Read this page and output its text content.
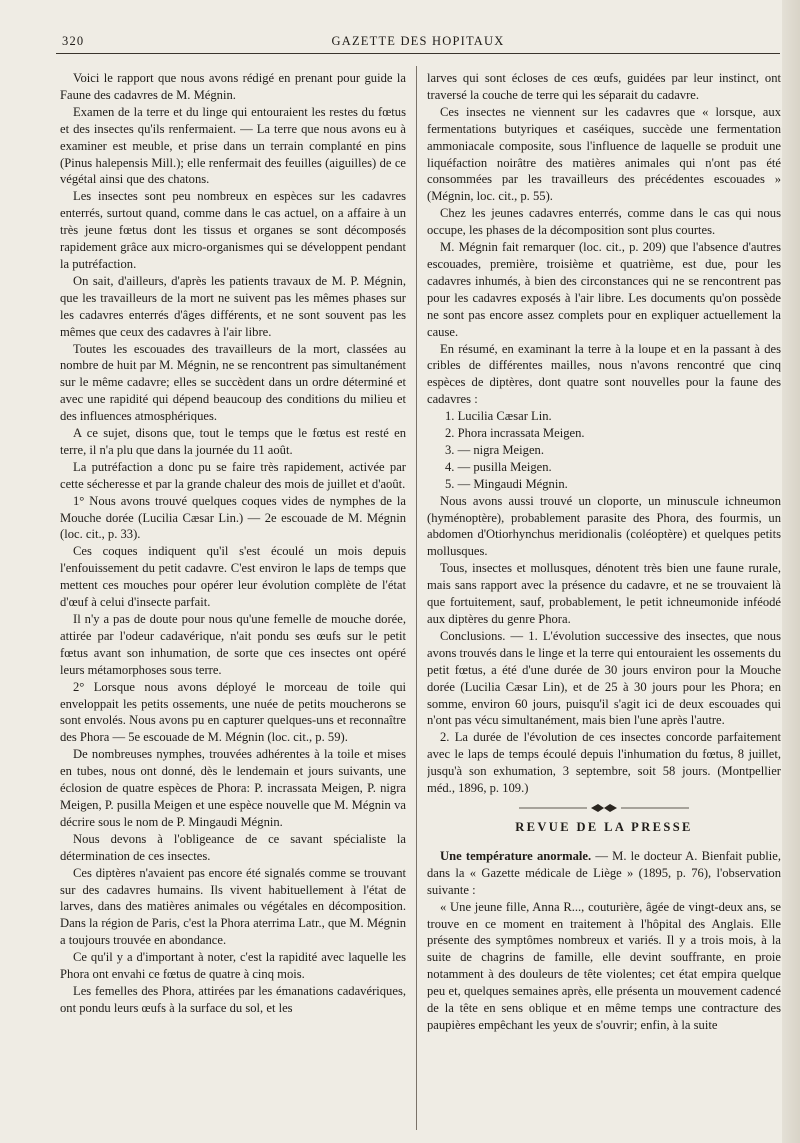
320	GAZETTE DES HOPITAUX

Voici le rapport que nous avons rédigé en prenant pour guide la Faune des cadavres de M. Mégnin.

Examen de la terre et du linge qui entouraient les restes du fœtus et des insectes qu'ils renfermaient. — La terre que nous avons eu à examiner est meuble, et prise dans un terrain complanté en pins (Pinus halepensis Mill.); elle renfermait des feuilles (aiguilles) de ce végétal ainsi que des chatons.

Les insectes sont peu nombreux en espèces sur les cadavres enterrés, surtout quand, comme dans le cas actuel, on a affaire à un très jeune fœtus dont les tissus et organes se sont décomposés rapidement grâce aux micro-organismes qui se développent pendant la putréfaction.

On sait, d'ailleurs, d'après les patients travaux de M. P. Mégnin, que les travailleurs de la mort ne suivent pas les mêmes phases sur les cadavres enterrés d'âges différents, et ne sont souvent pas les mêmes que ceux des cadavres à l'air libre.

Toutes les escouades des travailleurs de la mort, classées au nombre de huit par M. Mégnin, ne se rencontrent pas simultanément sur le même cadavre; elles se succèdent dans un ordre déterminé et avec une rapidité qui dépend beaucoup des conditions du milieu et des influences atmosphériques.

A ce sujet, disons que, tout le temps que le fœtus est resté en terre, il n'a plu que dans la journée du 11 août.

La putréfaction a donc pu se faire très rapidement, activée par cette sécheresse et par la grande chaleur des mois de juillet et d'août.

1° Nous avons trouvé quelques coques vides de nymphes de la Mouche dorée (Lucilia Cæsar Lin.) — 2e escouade de M. Mégnin (loc. cit., p. 33).

Ces coques indiquent qu'il s'est écoulé un mois depuis l'enfouissement du petit cadavre. C'est environ le laps de temps que mettent ces mouches pour opérer leur évolution complète de l'état d'œuf à celui d'insecte parfait.

Il n'y a pas de doute pour nous qu'une femelle de mouche dorée, attirée par l'odeur cadavérique, n'ait pondu ses œufs sur le petit fœtus avant son inhumation, de sorte que ces insectes ont opéré leurs métamorphoses sous terre.

2° Lorsque nous avons déployé le morceau de toile qui enveloppait les petits ossements, une nuée de petits moucherons se sont envolés. Nous avons pu en capturer quelques-uns et reconnaître des Phora — 5e escouade de M. Mégnin (loc. cit., p. 59).

De nombreuses nymphes, trouvées adhérentes à la toile et mises en tubes, nous ont donné, dès le lendemain et jours suivants, une éclosion de quatre espèces de Phora: P. incrassata Meigen, P. nigra Meigen, P. pusilla Meigen et une espèce nouvelle que M. Mégnin va décrire sous le nom de P. Mingaudi Mégnin.

Nous devons à l'obligeance de ce savant spécialiste la détermination de ces insectes.

Ces diptères n'avaient pas encore été signalés comme se trouvant sur des cadavres humains. Ils vivent habituellement à l'état de larves, dans des matières animales ou végétales en décomposition. Dans la région de Paris, c'est la Phora aterrima Latr., que M. Mégnin a toujours trouvée en abondance.

Ce qu'il y a d'important à noter, c'est la rapidité avec laquelle les Phora ont envahi ce fœtus de quatre à cinq mois.

Les femelles des Phora, attirées par les émanations cadavériques, ont pondu leurs œufs à la surface du sol, et les

larves qui sont écloses de ces œufs, guidées par leur instinct, ont traversé la couche de terre qui les séparait du cadavre.

Ces insectes ne viennent sur les cadavres que « lorsque, aux fermentations butyriques et caséiques, succède une fermentation ammoniacale composite, sous l'influence de laquelle se produit une liquéfaction noirâtre des matières animales qui n'ont pas été consommées par les travailleurs des précédentes escouades » (Mégnin, loc. cit., p. 55).

Chez les jeunes cadavres enterrés, comme dans le cas qui nous occupe, les phases de la décomposition sont plus courtes.

M. Mégnin fait remarquer (loc. cit., p. 209) que l'absence d'autres escouades, première, troisième et quatrième, est due, pour les cadavres inhumés, à bien des circonstances qui ne se rencontrent pas pour les cadavres exposés à l'air libre. Les documents qu'on possède ne sont pas encore assez complets pour en expliquer actuellement la cause.

En résumé, en examinant la terre à la loupe et en la passant à des cribles de différentes mailles, nous n'avons rencontré que cinq espèces de diptères, dont quatre sont nouvelles pour la faune des cadavres :

1. Lucilia Cæsar Lin.

2. Phora incrassata Meigen.

3. — nigra Meigen.

4. — pusilla Meigen.

5. — Mingaudi Mégnin.

Nous avons aussi trouvé un cloporte, un minuscule ichneumon (hyménoptère), probablement parasite des Phora, des fourmis, un abdomen d'Otiorhynchus meridionalis (coléoptère) et quelques petits mollusques.

Tous, insectes et mollusques, dénotent très bien une faune rurale, mais sans rapport avec la présence du cadavre, et ne se trouvaient là que fortuitement, sauf, probablement, le petit ichneumonide inféodé aux diptères du genre Phora.

Conclusions. — 1. L'évolution successive des insectes, que nous avons trouvés dans le linge et la terre qui entouraient les ossements du petit fœtus, a été d'une durée de 30 jours environ pour la Mouche dorée (Lucilia Cæsar Lin), et de 25 à 30 jours pour les Phora; en somme, environ 60 jours, puisqu'il s'agit ici de deux escouades qui n'ont pas vécu simultanément, mais bien l'une après l'autre.

2. La durée de l'évolution de ces insectes concorde parfaitement avec le laps de temps écoulé depuis l'inhumation du fœtus, 8 juillet, jusqu'à son exhumation, 3 septembre, soit 58 jours. (Montpellier méd., 1896, p. 109.)

REVUE DE LA PRESSE

Une température anormale. — M. le docteur A. Bienfait publie, dans la « Gazette médicale de Liège » (1895, p. 76), l'observation suivante :

« Une jeune fille, Anna R..., couturière, âgée de vingt-deux ans, se trouve en ce moment en traitement à l'hôpital des Anglais. Elle présente des symptômes nombreux et variés. Il y a trois mois, à la suite de chagrins de famille, elle devint souffrante, en proie notamment à des douleurs de tête violentes; cet état empira quelque peu et, quelques semaines après, elle présenta un mouvement cadencé de la tête en sens oblique et en même temps une contracture des paupières empêchant les yeux de s'ouvrir; enfin, à la suite
